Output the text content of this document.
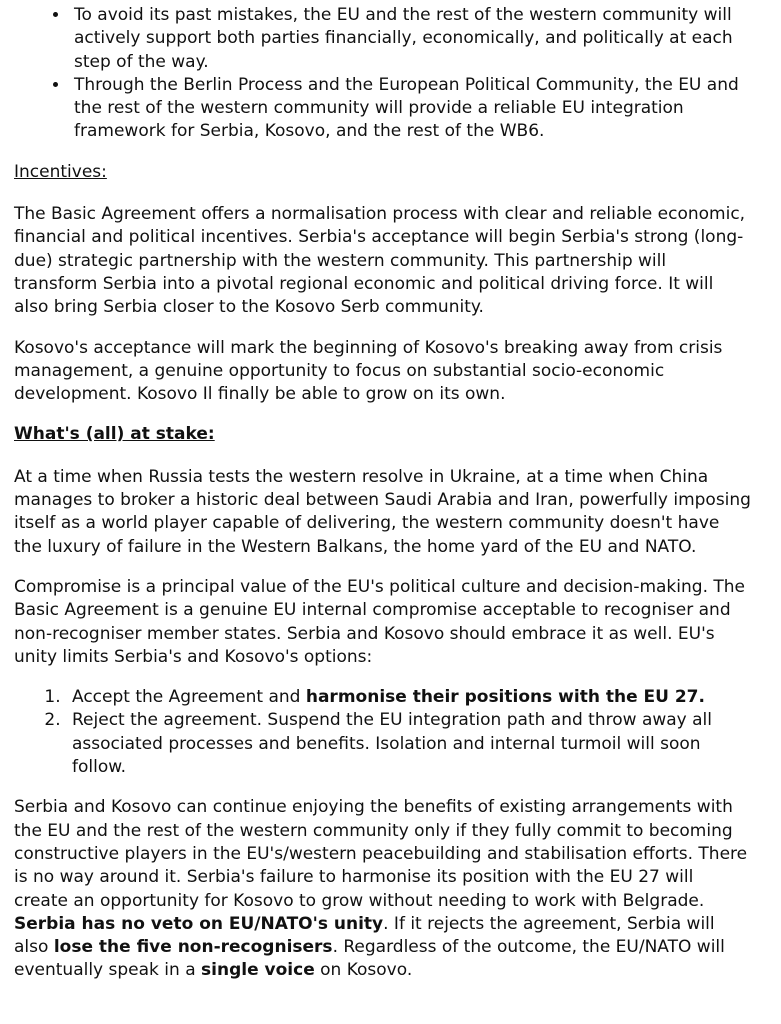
• To avoid its past mistakes, the EU and the rest of the western community will actively support both parties financially, economically, and politically at each step of the way.
• Through the Berlin Process and the European Political Community, the EU and the rest of the western community will provide a reliable EU integration framework for Serbia, Kosovo, and the rest of the WB6.
Incentives:

The Basic Agreement offers a normalisation process with clear and reliable economic, financial and political incentives. Serbia's acceptance will begin Serbia's strong (long-due) strategic partnership with the western community. This partnership will transform Serbia into a pivotal regional economic and political driving force. It will also bring Serbia closer to the Kosovo Serb community.

Kosovo's acceptance will mark the beginning of Kosovo's breaking away from crisis management, a genuine opportunity to focus on substantial socio-economic development. Kosovo Il finally be able to grow on its own.

What's (all) at stake:

At a time when Russia tests the western resolve in Ukraine, at a time when China manages to broker a historic deal between Saudi Arabia and Iran, powerfully imposing itself as a world player capable of delivering, the western community doesn't have the luxury of failure in the Western Balkans, the home yard of the EU and NATO.

Compromise is a principal value of the EU's political culture and decision-making. The Basic Agreement is a genuine EU internal compromise acceptable to recogniser and non-recogniser member states. Serbia and Kosovo should embrace it as well. EU's unity limits Serbia's and Kosovo's options:

1. Accept the Agreement and harmonise their positions with the EU 27.
2. Reject the agreement. Suspend the EU integration path and throw away all associated processes and benefits. Isolation and internal turmoil will soon follow.

Serbia and Kosovo can continue enjoying the benefits of existing arrangements with the EU and the rest of the western community only if they fully commit to becoming constructive players in the EU's/western peacebuilding and stabilisation efforts. There is no way around it. Serbia's failure to harmonise its position with the EU 27 will create an opportunity for Kosovo to grow without needing to work with Belgrade. Serbia has no veto on EU/NATO's unity. If it rejects the agreement, Serbia will also lose the five non-recognisers. Regardless of the outcome, the EU/NATO will eventually speak in a single voice on Kosovo.
